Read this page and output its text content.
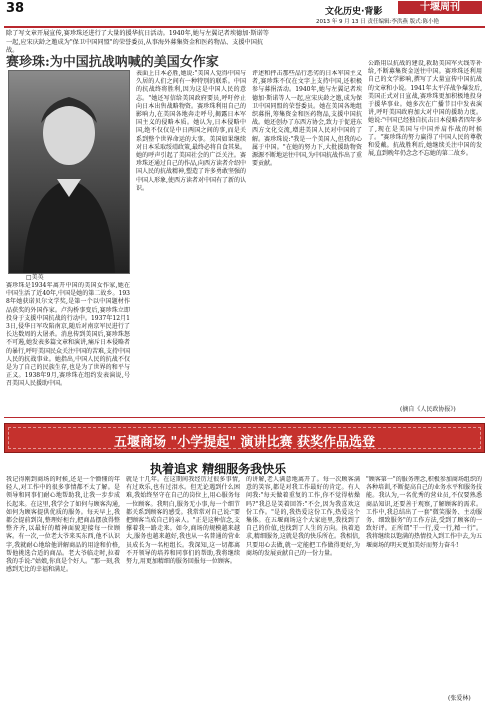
38	文化历史·背影	十堰周刊
2013 年 9 月 13 日 责任编辑:李洪燕 版式:陈小艳
除了写文章开展宣传,赛珍珠还进行了大量的援华抗日活动。1940年,她与左翼记者埃德加·斯诺等一起,应宋庆龄之邀成为"保卫中国同盟"的荣誉委员,从事海外募集资金和医药物品、支援中国抗战。
赛珍珠:为中国抗战呐喊的美国女作家
□美英
赛珍珠是1934年离开中国的美国女作家,她在中国生活了近40年,中国是她的第二故乡。1938年她获诺贝尔文学奖,是第一个以中国题材作品获奖的外国作家。卢沟桥事变后,赛珍珠立即投身于支援中国抗战的行动中。1937年12月13日,侵华日军攻陷南京,随后对南京军民进行了长达数周的大屠杀。消息传到美国后,赛珍珠怒不可遏,她发表多篇文章和演讲,痛斥日本侵略者的暴行,呼吁美国民众关注中国的苦难,支持中国人民的抗战事业。她指出,中国人民的抗战不仅是为了自己的民族生存,也是为了世界的和平与正义。1938年9月,赛珍珠在纽约发表演说,号召美国人民援助中国。
表面上日本必胜,她说:"美国人觉得中国与久居的人们之间有一种特别的联系。中国的抗战终将胜利,因为这是中国人民的意志。"她还写信给美国政府要员,呼吁停止向日本出售战略物资。赛珍珠利用自己的影响力,在美国各地奔走呼号,揭露日本军国主义的侵略本质。她认为,日本侵略中国,绝不仅仅是中日两国之间的事,而是关系到整个世界命运的大事。美国如果继续对日本采取绥靖政策,最终必将自食其果。她的呼声引起了美国社会的广泛关注。赛珍珠还通过自己的作品,向西方读者介绍中国人民的抗战精神,塑造了许多勇敢坚强的中国人形象,使西方读者对中国有了新的认识。
评述和抨击那些品行恶劣的日本军国主义者,赛珍珠不仅在文字上支持中国,还积极参与募捐活动。1940年,她与左翼记者埃德加·斯诺等人一起,应宋庆龄之邀,成为保卫中国同盟的荣誉委员。她在美国各地组织募捐,筹集资金和医药物品,支援中国抗战。她还创办了东西方协会,致力于促进东西方文化交流,增进美国人民对中国的了解。赛珍珠说:"我是一个美国人,但我的心属于中国。"在她的努力下,大批援助物资源源不断地运往中国,为中国抗战作出了重要贡献。
公路用以抗战的建设,救助美国军火线等补给,不断募集资金送往中国。赛珍珠还利用自己的文学影响,撰写了大量宣传中国抗战的文章和小说。1941年太平洋战争爆发后,美国正式对日宣战,赛珍珠更加积极地投身于援华事业。她多次在广播节目中发表演讲,呼吁美国政府加大对中国的援助力度。她说:"中国已经独自抗击日本侵略者四年多了,现在是美国与中国并肩作战的时候了。"赛珍珠的努力赢得了中国人民的尊敬和爱戴。抗战胜利后,她继续关注中国的发展,直到晚年仍念念不忘她的第二故乡。
(摘自《人民政协报》)
五堰商场 "小学提起" 演讲比赛 获奖作品选登
执着追求 精细服务我快乐
我记得刚到商场的时候,还是一个懵懂的年轻人,对工作中的很多事情都不太了解。是领导和同事们耐心地帮助我,让我一步步成长起来。在这里,我学会了如何与顾客沟通,如何为顾客提供优质的服务。每天早上,我都会提前到岗,整理好柜台,把商品摆放得整整齐齐,以最好的精神面貌迎接每一位顾客。有一次,一位老大爷来买东西,他不认识字,我就耐心地给他讲解商品的用途和价格,帮他挑选合适的商品。老大爷临走时,拉着我的手说:"姑娘,你真是个好人。"那一刻,我感到无比的幸福和满足。
就是十几年。在这期间我经历过很多事情,有过欢乐,也有过泪水。但无论遇到什么困难,我始终坚守在自己的岗位上,用心服务每一位顾客。我明白,服务无小事,每一个细节都关系到顾客的感受。我常常对自己说:"要把顾客当成自己的亲人。"正是这种信念,支撑着我一路走来。如今,商场的规模越来越大,服务也越来越好,我也从一名普通的营业员成长为一名柜组长。我深知,这一切都离不开领导的培养和同事们的帮助,我将继续努力,用更加精细的服务回报每一位顾客。
的讲解,老人满意地离开了。每一次顾客满意的笑容,都是对我工作最好的肯定。有人问我:"每天做着重复的工作,你不觉得枯燥吗?"我总是笑着回答:"不会,因为我喜欢这份工作。"是的,我热爱这份工作,热爱这个集体。在五堰商场这个大家庭里,我找到了自己的价值,也找到了人生的方向。执着追求,精细服务,这就是我的快乐所在。我相信,只要用心去做,就一定能把工作做得更好,为商场的发展贡献自己的一份力量。
"顾客第一"的服务理念,积极参加商场组织的各种培训,不断提高自己的业务水平和服务技能。我认为,一名优秀的营业员,不仅要熟悉商品知识,还要善于观察,了解顾客的需求。工作中,我总结出了一套"微笑服务、主动服务、细致服务"的工作方法,受到了顾客的一致好评。正所谓"干一行,爱一行,精一行"。我将继续以饱满的热情投入到工作中去,为五堰商场的明天更加美好而努力奋斗!
(张爱林)
